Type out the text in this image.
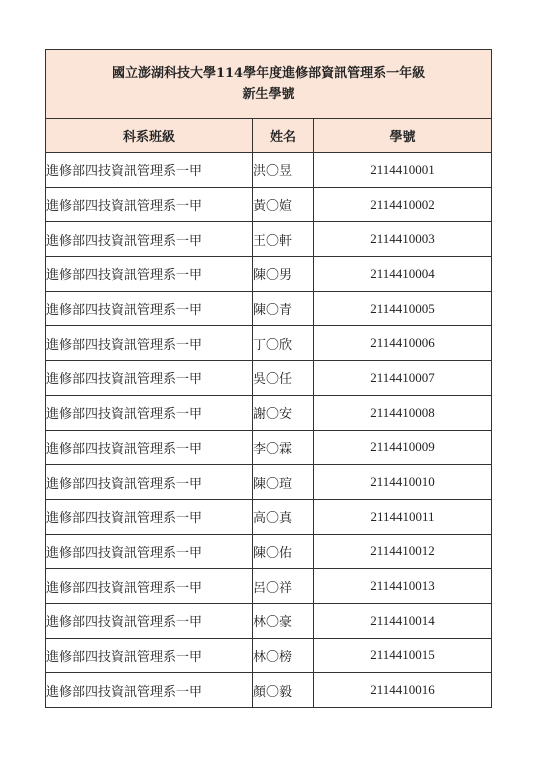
國立澎湖科技大學114學年度進修部資訊管理系一年級
新生學號		

科系班級	姓名	學號
進修部四技資訊管理系一甲	洪〇昱	2114410001
進修部四技資訊管理系一甲	黃〇媗	2114410002
進修部四技資訊管理系一甲	王〇軒	2114410003
進修部四技資訊管理系一甲	陳〇男	2114410004
進修部四技資訊管理系一甲	陳〇青	2114410005
進修部四技資訊管理系一甲	丁〇欣	2114410006
進修部四技資訊管理系一甲	吳〇任	2114410007
進修部四技資訊管理系一甲	謝〇安	2114410008
進修部四技資訊管理系一甲	李〇霖	2114410009
進修部四技資訊管理系一甲	陳〇瑄	2114410010
進修部四技資訊管理系一甲	高〇真	2114410011
進修部四技資訊管理系一甲	陳〇佑	2114410012
進修部四技資訊管理系一甲	呂〇祥	2114410013
進修部四技資訊管理系一甲	林〇豪	2114410014
進修部四技資訊管理系一甲	林〇榜	2114410015
進修部四技資訊管理系一甲	顏〇毅	2114410016
